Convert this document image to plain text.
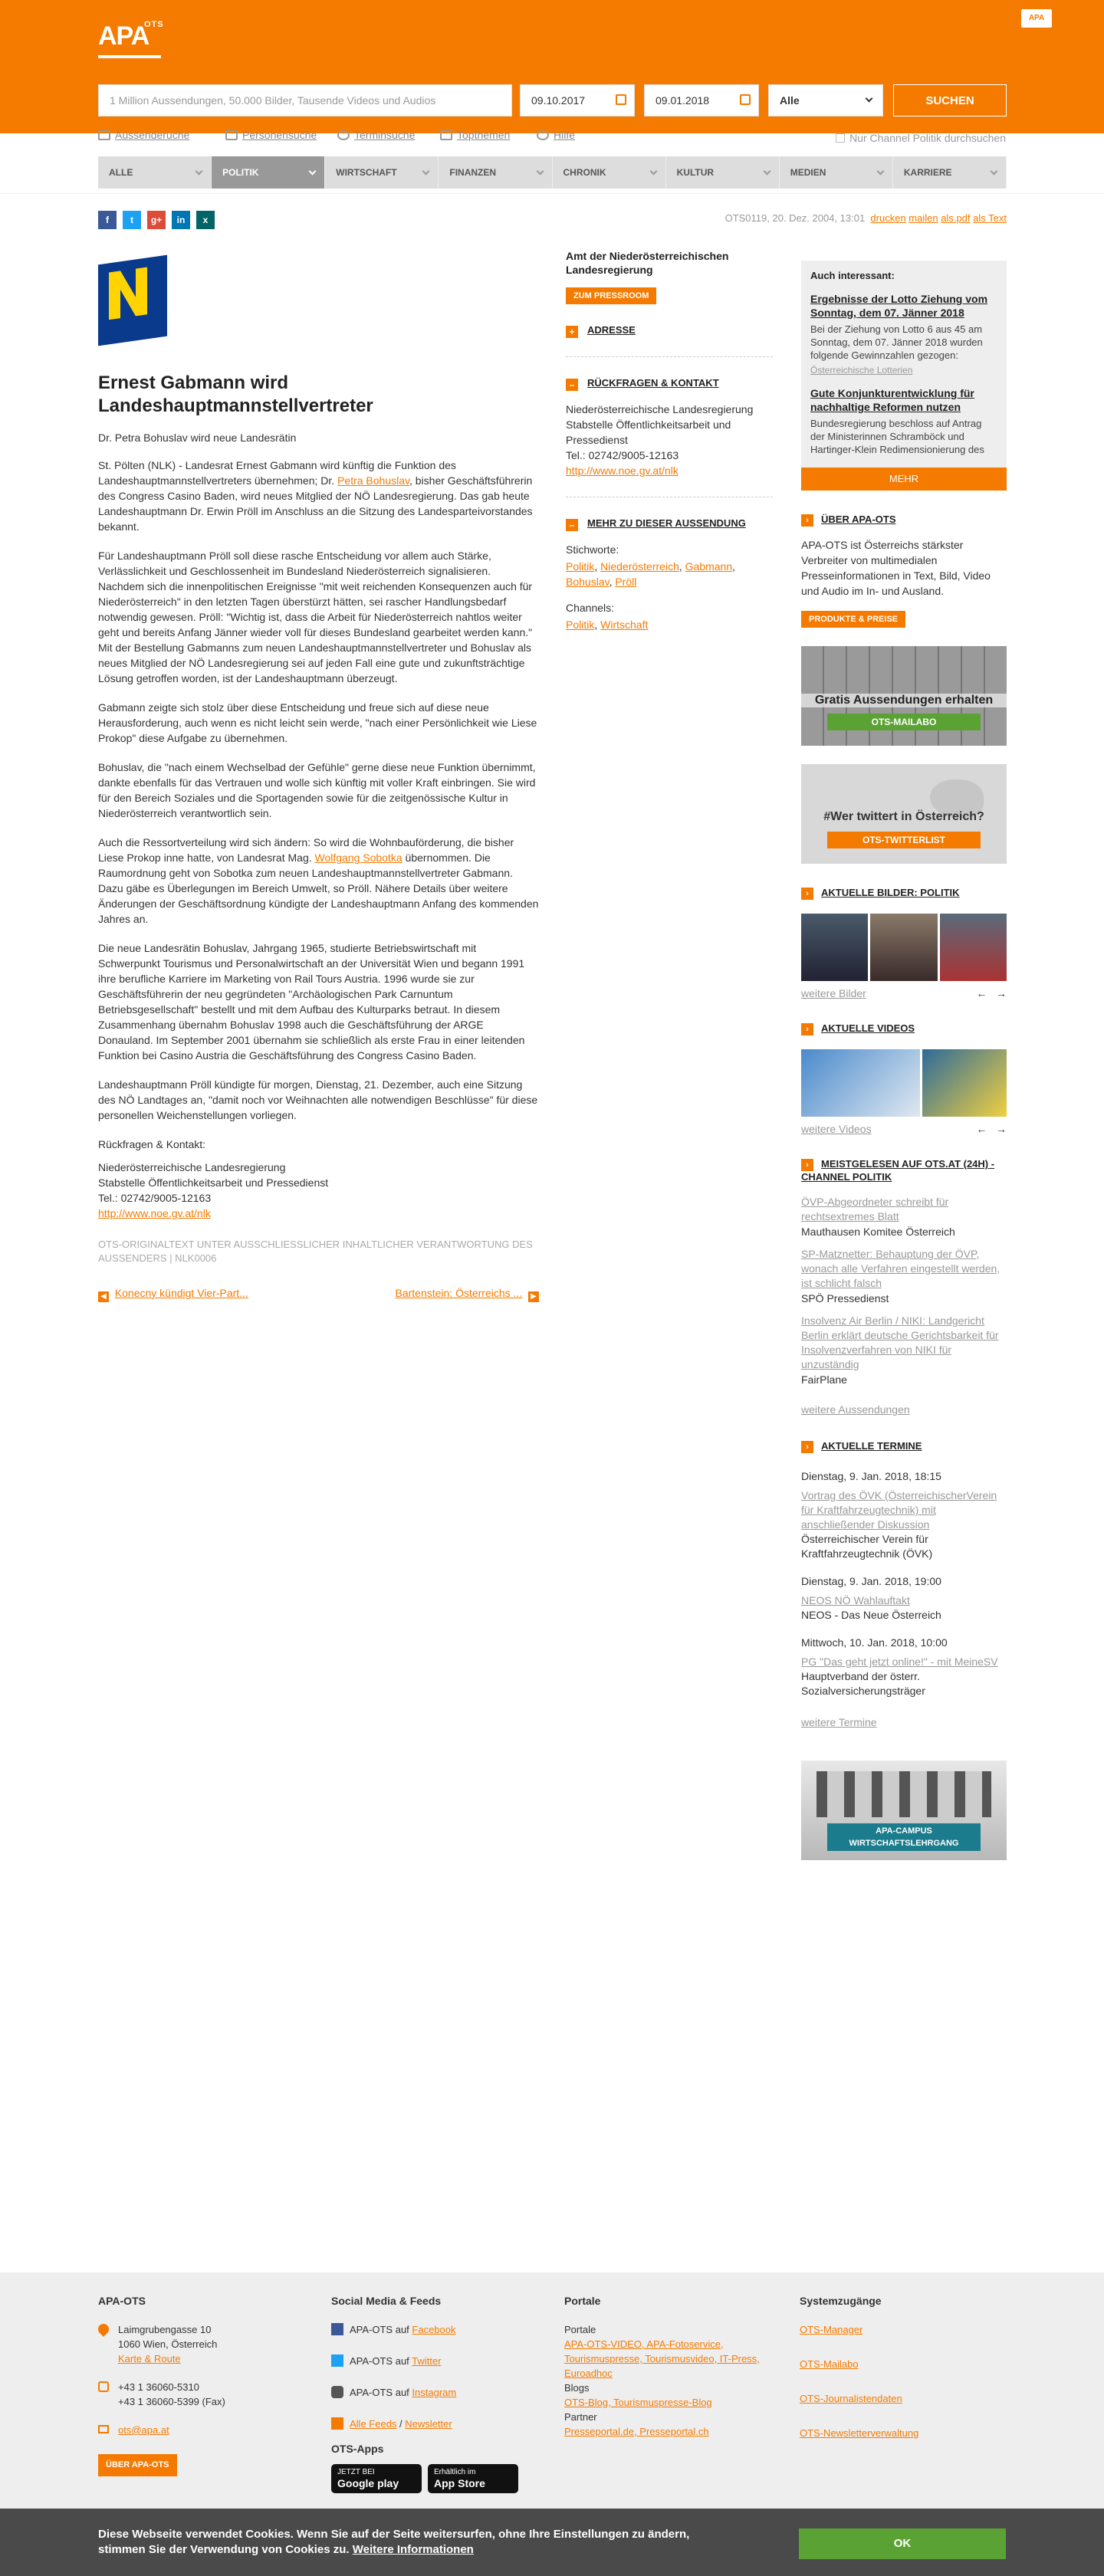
APA
OTS
APA
1 Million Aussendungen, 50.000 Bilder, Tausende Videos und Audios	09.10.2017	09.01.2018	Alle	SUCHEN
Aussenderuche	Personensuche	Terminsuche	Topthemen	Hilfe	Nur Channel Politik durchsuchen
ALLE	POLITIK	WIRTSCHAFT	FINANZEN	CHRONIK	KULTUR	MEDIEN	KARRIERE
f	t	g+	in	x	OTS0119, 20. Dez. 2004, 13:01 drucken mailen als.pdf als Text
Ernest Gabmann wird Landeshauptmannstellvertreter

Dr. Petra Bohuslav wird neue Landesrätin

St. Pölten (NLK) - Landesrat Ernest Gabmann wird künftig die Funktion des Landeshauptmannstellvertreters übernehmen; Dr. Petra Bohuslav, bisher Geschäftsführerin des Congress Casino Baden, wird neues Mitglied der NÖ Landesregierung. Das gab heute Landeshauptmann Dr. Erwin Pröll im Anschluss an die Sitzung des Landesparteivorstandes bekannt.

Für Landeshauptmann Pröll soll diese rasche Entscheidung vor allem auch Stärke, Verlässlichkeit und Geschlossenheit im Bundesland Niederösterreich signalisieren. Nachdem sich die innenpolitischen Ereignisse "mit weit reichenden Konsequenzen auch für Niederösterreich" in den letzten Tagen überstürzt hätten, sei rascher Handlungsbedarf notwendig gewesen. Pröll: "Wichtig ist, dass die Arbeit für Niederösterreich nahtlos weiter geht und bereits Anfang Jänner wieder voll für dieses Bundesland gearbeitet werden kann." Mit der Bestellung Gabmanns zum neuen Landeshauptmannstellvertreter und Bohuslav als neues Mitglied der NÖ Landesregierung sei auf jeden Fall eine gute und zukunftsträchtige Lösung getroffen worden, ist der Landeshauptmann überzeugt.

Gabmann zeigte sich stolz über diese Entscheidung und freue sich auf diese neue Herausforderung, auch wenn es nicht leicht sein werde, "nach einer Persönlichkeit wie Liese Prokop" diese Aufgabe zu übernehmen.

Bohuslav, die "nach einem Wechselbad der Gefühle" gerne diese neue Funktion übernimmt, dankte ebenfalls für das Vertrauen und wolle sich künftig mit voller Kraft einbringen. Sie wird für den Bereich Soziales und die Sportagenden sowie für die zeitgenössische Kultur in Niederösterreich verantwortlich sein.

Auch die Ressortverteilung wird sich ändern: So wird die Wohnbauförderung, die bisher Liese Prokop inne hatte, von Landesrat Mag. Wolfgang Sobotka übernommen. Die Raumordnung geht von Sobotka zum neuen Landeshauptmannstellvertreter Gabmann. Dazu gäbe es Überlegungen im Bereich Umwelt, so Pröll. Nähere Details über weitere Änderungen der Geschäftsordnung kündigte der Landeshauptmann Anfang des kommenden Jahres an.

Die neue Landesrätin Bohuslav, Jahrgang 1965, studierte Betriebswirtschaft mit Schwerpunkt Tourismus und Personalwirtschaft an der Universität Wien und begann 1991 ihre berufliche Karriere im Marketing von Rail Tours Austria. 1996 wurde sie zur Geschäftsführerin der neu gegründeten "Archäologischen Park Carnuntum Betriebsgesellschaft" bestellt und mit dem Aufbau des Kulturparks betraut. In diesem Zusammenhang übernahm Bohuslav 1998 auch die Geschäftsführung der ARGE Donauland. Im September 2001 übernahm sie schließlich als erste Frau in einer leitenden Funktion bei Casino Austria die Geschäftsführung des Congress Casino Baden.

Landeshauptmann Pröll kündigte für morgen, Dienstag, 21. Dezember, auch eine Sitzung des NÖ Landtages an, "damit noch vor Weihnachten alle notwendigen Beschlüsse" für diese personellen Weichenstellungen vorliegen.

Rückfragen & Kontakt:

Niederösterreichische Landesregierung
Stabstelle Öffentlichkeitsarbeit und Pressedienst
Tel.: 02742/9005-12163
http://www.noe.gv.at/nlk

OTS-ORIGINALTEXT UNTER AUSSCHLIESSLICHER INHALTLICHER VERANTWORTUNG DES AUSSENDERS | NLK0006

◀ Konecny kündigt Vier-Part...	Bartenstein: Österreichs ... ▶
Amt der Niederösterreichischen Landesregierung
ZUM PRESSROOM
+ ADRESSE
– RÜCKFRAGEN & KONTAKT

Niederösterreichische Landesregierung
Stabstelle Öffentlichkeitsarbeit und Pressedienst
Tel.: 02742/9005-12163
http://www.noe.gv.at/nlk

– MEHR ZU DIESER AUSSENDUNG

Stichworte:

Politik, Niederösterreich, Gabmann, Bohuslav, Pröll

Channels:

Politik, Wirtschaft

Auch interessant:
Ergebnisse der Lotto Ziehung vom Sonntag, dem 07. Jänner 2018
Bei der Ziehung von Lotto 6 aus 45 am Sonntag, dem 07. Jänner 2018 wurden folgende Gewinnzahlen gezogen:
Österreichische Lotterien
Gute Konjunkturentwicklung für nachhaltige Reformen nutzen
Bundesregierung beschloss auf Antrag der Ministerinnen Schramböck und Hartinger-Klein Redimensionierung des
MEHR
› ÜBER APA-OTS

APA-OTS ist Österreichs stärkster Verbreiter von multimedialen Presseinformationen in Text, Bild, Video und Audio im In- und Ausland.

PRODUKTE & PREISE
Gratis Aussendungen erhalten
OTS-MAILABO
#Wer twittert in Österreich?
OTS-TWITTERLIST
› AKTUELLE BILDER: POLITIK
weitere Bilder	← →
› AKTUELLE VIDEOS
weitere Videos	← →
› MEISTGELESEN AUF OTS.AT (24H) - CHANNEL POLITIK
ÖVP-Abgeordneter schreibt für rechtsextremes Blatt
Mauthausen Komitee Österreich
SP-Matznetter: Behauptung der ÖVP, wonach alle Verfahren eingestellt werden, ist schlicht falsch
SPÖ Pressedienst
Insolvenz Air Berlin / NIKI: Landgericht Berlin erklärt deutsche Gerichtsbarkeit für Insolvenzverfahren von NIKI für unzuständig
FairPlane
weitere Aussendungen
› AKTUELLE TERMINE
Dienstag, 9. Jan. 2018, 18:15
Vortrag des ÖVK (ÖsterreichischerVerein für Kraftfahrzeugtechnik) mit anschließender Diskussion
Österreichischer Verein für Kraftfahrzeugtechnik (ÖVK)
Dienstag, 9. Jan. 2018, 19:00
NEOS NÖ Wahlauftakt
NEOS - Das Neue Österreich
Mittwoch, 10. Jan. 2018, 10:00
PG "Das geht jetzt online!" - mit MeineSV
Hauptverband der österr. Sozialversicherungsträger
weitere Termine
APA-CAMPUS
WIRTSCHAFTSLEHRGANG
APA-OTS
Laimgrubengasse 10
1060 Wien, Österreich
Karte & Route
+43 1 36060-5310
+43 1 36060-5399 (Fax)
ots@apa.at
ÜBER APA-OTS
Social Media & Feeds
APA-OTS auf Facebook
APA-OTS auf Twitter
APA-OTS auf Instagram
Alle Feeds / Newsletter
OTS-Apps
JETZT BEI
Google playErhältlich im
App Store
Portale
Portale
APA-OTS-VIDEO, APA-Fotoservice, Tourismuspresse, Tourismusvideo, IT-Press, Euroadhoc
Blogs
OTS-Blog, Tourismuspresse-Blog
Partner
Presseportal.de, Presseportal.ch
Systemzugänge
OTS-Manager
OTS-Mailabo
OTS-Journalistendaten
OTS-Newsletterverwaltung
Diese Webseite verwendet Cookies. Wenn Sie auf der Seite weitersurfen, ohne Ihre Einstellungen zu ändern,
stimmen Sie der Verwendung von Cookies zu. Weitere Informationen	OK
